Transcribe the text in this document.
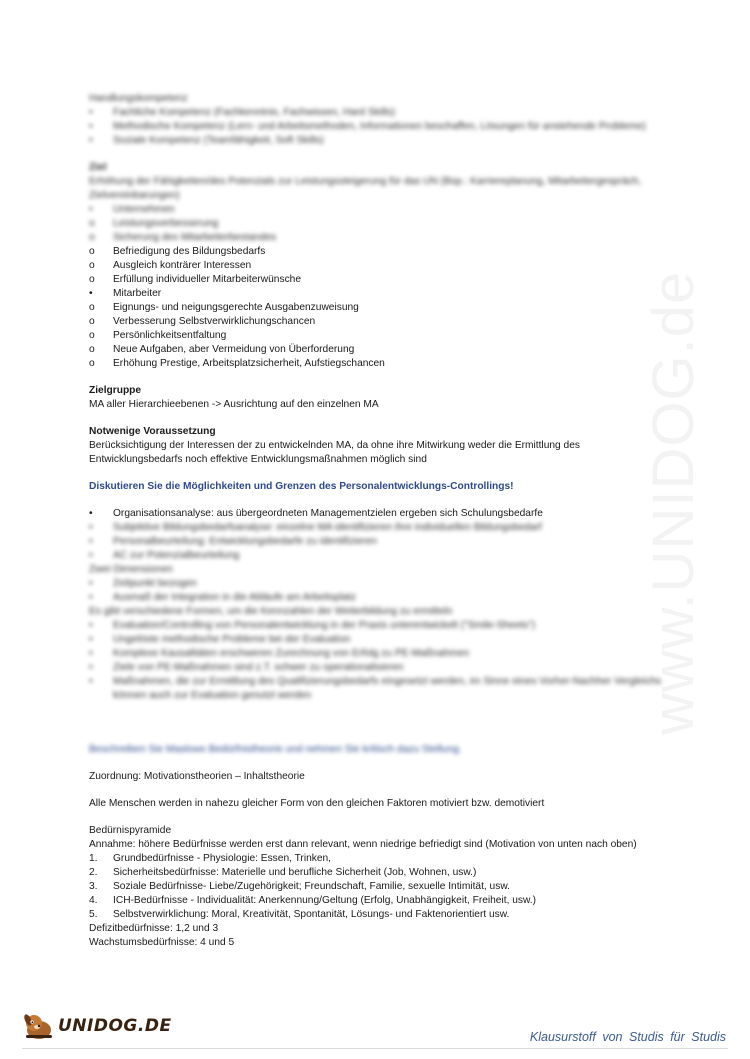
www.UNIDOG.de
Handlungskompetenz
•	Fachliche Kompetenz (Fachkenntnis, Fachwissen, Hard Skills)
•	Methodische Kompetenz (Lern- und Arbeitsmethoden, Informationen beschaffen, Lösungen für anstehende Probleme)
•	Soziale Kompetenz (Teamfähigkeit, Soft Skills)
Ziel
Erhöhung der Fähigkeiten/des Potenzials zur Leistungssteigerung für das UN (Bsp.: Karriereplanung, Mitarbeitergespräch, Zielvereinbarungen)
•	Unternehmen
o	Leistungsverbesserung
o	Sicherung des Mitarbeiterbestandes
o	Befriedigung des Bildungsbedarfs
o	Ausgleich konträrer Interessen
o	Erfüllung individueller Mitarbeiterwünsche
•	Mitarbeiter
o	Eignungs- und neigungsgerechte Ausgabenzuweisung
o	Verbesserung Selbstverwirklichungschancen
o	Persönlichkeitsentfaltung
o	Neue Aufgaben, aber Vermeidung von Überforderung
o	Erhöhung Prestige, Arbeitsplatzsicherheit, Aufstiegschancen
Zielgruppe
MA aller Hierarchieebenen -> Ausrichtung auf den einzelnen MA
Notwenige Voraussetzung
Berücksichtigung der Interessen der zu entwickelnden MA, da ohne ihre Mitwirkung weder die Ermittlung des Entwicklungsbedarfs noch effektive Entwicklungsmaßnahmen möglich sind
Diskutieren Sie die Möglichkeiten und Grenzen des Personalentwicklungs-Controllings!
•	Organisationsanalyse: aus übergeordneten Managementzielen ergeben sich Schulungsbedarfe
•	Subjektive Bildungsbedarfsanalyse: einzelne MA identifizieren ihre individuellen Bildungsbedarf
•	Personalbeurteilung: Entwicklungsbedarfe zu identifizieren
•	AC zur Potenzialbeurteilung
Zwei Dimensionen
•	Zeitpunkt bezogen
•	Ausmaß der Integration in die Abläufe am Arbeitsplatz
Es gibt verschiedene Formen, um die Kennzahlen der Weiterbildung zu ermitteln
•	Evaluation/Controlling von Personalentwicklung in der Praxis unterentwickelt ("Smile-Sheets")
•	Ungelöste methodische Probleme bei der Evaluation
•	Komplexe Kausalitäten erschweren Zurechnung von Erfolg zu PE-Maßnahmen
•	Ziele von PE-Maßnahmen sind z.T. schwer zu operationalisieren
•	Maßnahmen, die zur Ermittlung des Qualifizierungsbedarfs eingesetzt werden, im Sinne eines Vorher-Nachher Vergleichs können auch zur Evaluation genutzt werden
Beschreiben Sie Maslows Bedürfnistheorie und nehmen Sie kritisch dazu Stellung.
Zuordnung: Motivationstheorien – Inhaltstheorie
Alle Menschen werden in nahezu gleicher Form von den gleichen Faktoren motiviert bzw. demotiviert
Bedürnispyramide
Annahme: höhere Bedürfnisse werden erst dann relevant, wenn niedrige befriedigt sind (Motivation von unten nach oben)
1. Grundbedürfnisse - Physiologie: Essen, Trinken,
2. Sicherheitsbedürfnisse: Materielle und berufliche Sicherheit (Job, Wohnen, usw.)
3. Soziale Bedürfnisse- Liebe/Zugehörigkeit; Freundschaft, Familie, sexuelle Intimität, usw.
4. ICH-Bedürfnisse - Individualität: Anerkennung/Geltung (Erfolg, Unabhängigkeit, Freiheit, usw.)
5. Selbstverwirklichung: Moral, Kreativität, Spontanität, Lösungs- und Faktenorientiert usw.
Defizitbedürfnisse: 1,2 und 3
Wachstumsbedürfnisse: 4 und 5
UNIDOG.DE
Klausurstoff von Studis für Studis
